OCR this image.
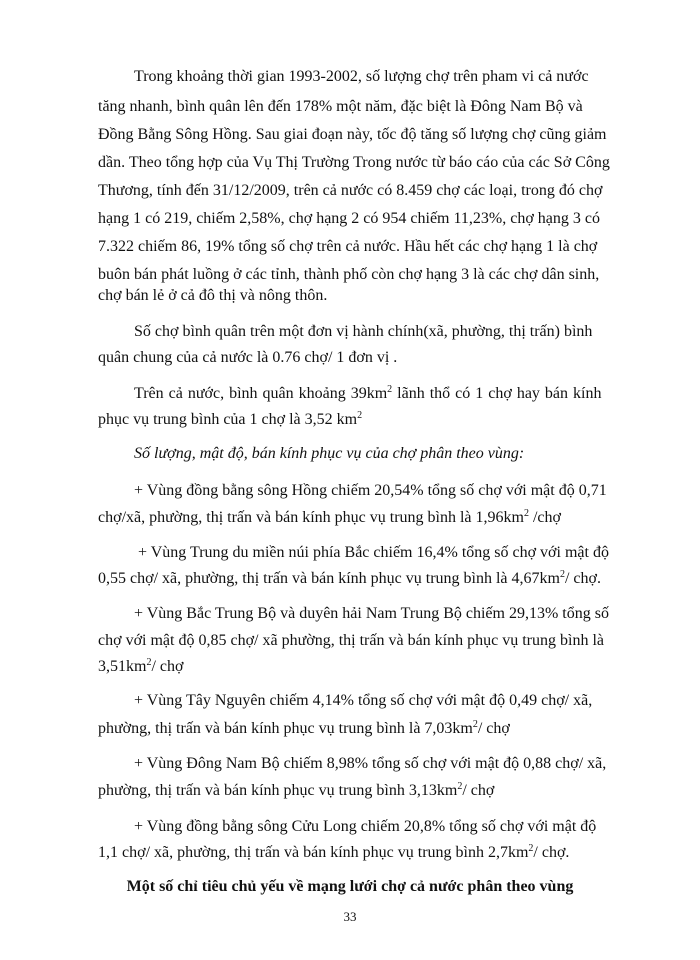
Trong khoảng thời gian 1993-2002, số lượng chợ trên pham vi cả nước
tăng nhanh, bình quân lên đến 178% một năm, đặc biệt là Đông Nam Bộ và
Đồng Bằng Sông Hồng. Sau giai đoạn này, tốc độ tăng số lượng chợ cũng giảm
dần. Theo tổng hợp của Vụ Thị Trường Trong nước từ báo cáo của các Sở Công
Thương, tính đến 31/12/2009, trên cả nước có 8.459 chợ các loại, trong đó chợ
hạng 1 có 219, chiếm 2,58%, chợ hạng 2 có 954 chiếm 11,23%, chợ hạng 3 có
7.322 chiếm 86, 19% tổng số chợ trên cả nước. Hầu hết các chợ hạng 1 là chợ
buôn bán phát luồng ở các tỉnh, thành phố còn chợ hạng 3 là các chợ dân sinh,
chợ bán lẻ ở cả đô thị và nông thôn.
Số chợ bình quân trên một đơn vị hành chính(xã, phường, thị trấn) bình
quân chung của cả nước là 0.76 chợ/ 1 đơn vị .
Trên cả nước, bình quân khoảng $39km^2$ lãnh thổ có 1 chợ hay bán kính
phục vụ trung bình của 1 chợ là 3,52 $km^2$
Số lượng, mật độ, bán kính phục vụ của chợ phân theo vùng:
+ Vùng đồng bằng sông Hồng chiếm 20,54% tổng số chợ với mật độ 0,71
chợ/xã, phường, thị trấn và bán kính phục vụ trung bình là $1,96km^2$ /chợ
+ Vùng Trung du miền núi phía Bắc chiếm 16,4% tổng số chợ với mật độ
0,55 chợ/ xã, phường, thị trấn và bán kính phục vụ trung bình là $4,67km^2/$ chợ.
+ Vùng Bắc Trung Bộ và duyên hải Nam Trung Bộ chiếm 29,13% tổng số
chợ với mật độ 0,85 chợ/ xã phường, thị trấn và bán kính phục vụ trung bình là
$3,51km^2/$ chợ
+ Vùng Tây Nguyên chiếm 4,14% tổng số chợ với mật độ 0,49 chợ/ xã,
phường, thị trấn và bán kính phục vụ trung bình là $7,03km^2/$ chợ
+ Vùng Đông Nam Bộ chiếm 8,98% tổng số chợ với mật độ 0,88 chợ/ xã,
phường, thị trấn và bán kính phục vụ trung bình $3,13km^2/$ chợ
+ Vùng đồng bằng sông Cửu Long chiếm 20,8% tổng số chợ với mật độ
1,1 chợ/ xã, phường, thị trấn và bán kính phục vụ trung bình $2,7km^2/$ chợ.
Một số chỉ tiêu chủ yếu về mạng lưới chợ cả nước phân theo vùng
33
